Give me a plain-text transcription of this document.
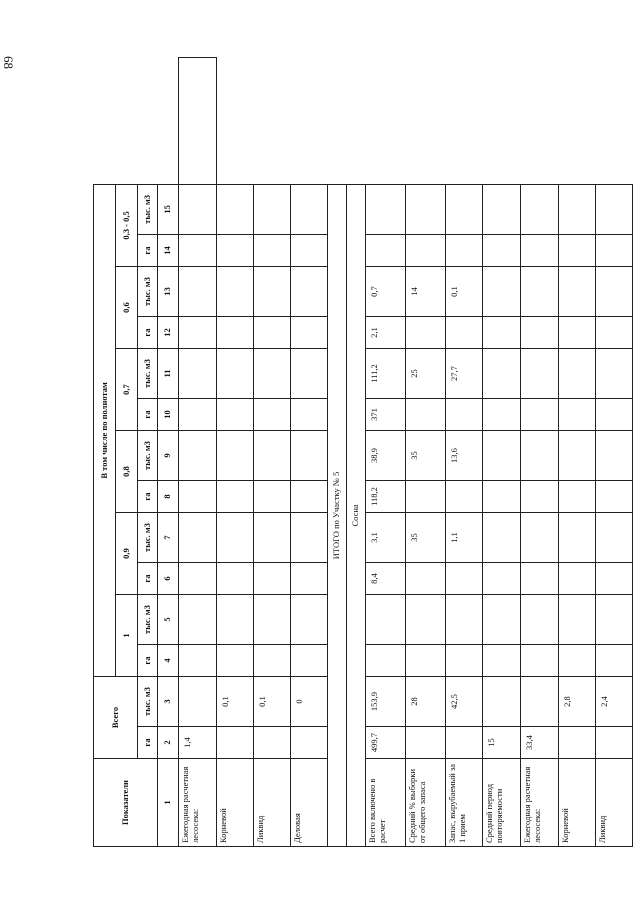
68
Показатели	Всего		В том числе по полнотам												
			1		0,9		0,8		0,7		0,6		0,3 - 0,5		
	га	тыс. м3	га	тыс. м3	га	тыс. м3	га	тыс. м3	га	тыс. м3	га	тыс. м3	га	тыс. м3	
1	2	3	4	5	6	7	8	9	10	11	12	13	14	15	
Ежегодная расчетная лесосека:	1,4														
Корневой		0,1													
Ликвид		0,1													
Деловая		0													
ИТОГО по Участку № 5															
Сосна															
Всего включено в расчет	499,7	153,9			8,4	3,1	118,2	38,9	371	111,2	2,1	0,7			
Средний % выборки от общего запаса		28				35		35		25		14			
Запас, вырубаемый за 1 прием		42,5				1,1		13,6		27,7		0,1			
Средний период повторяемости	15														
Ежегодная расчетная лесосека:	33,4														
Корневой		2,8													
Ликвид		2,4													
